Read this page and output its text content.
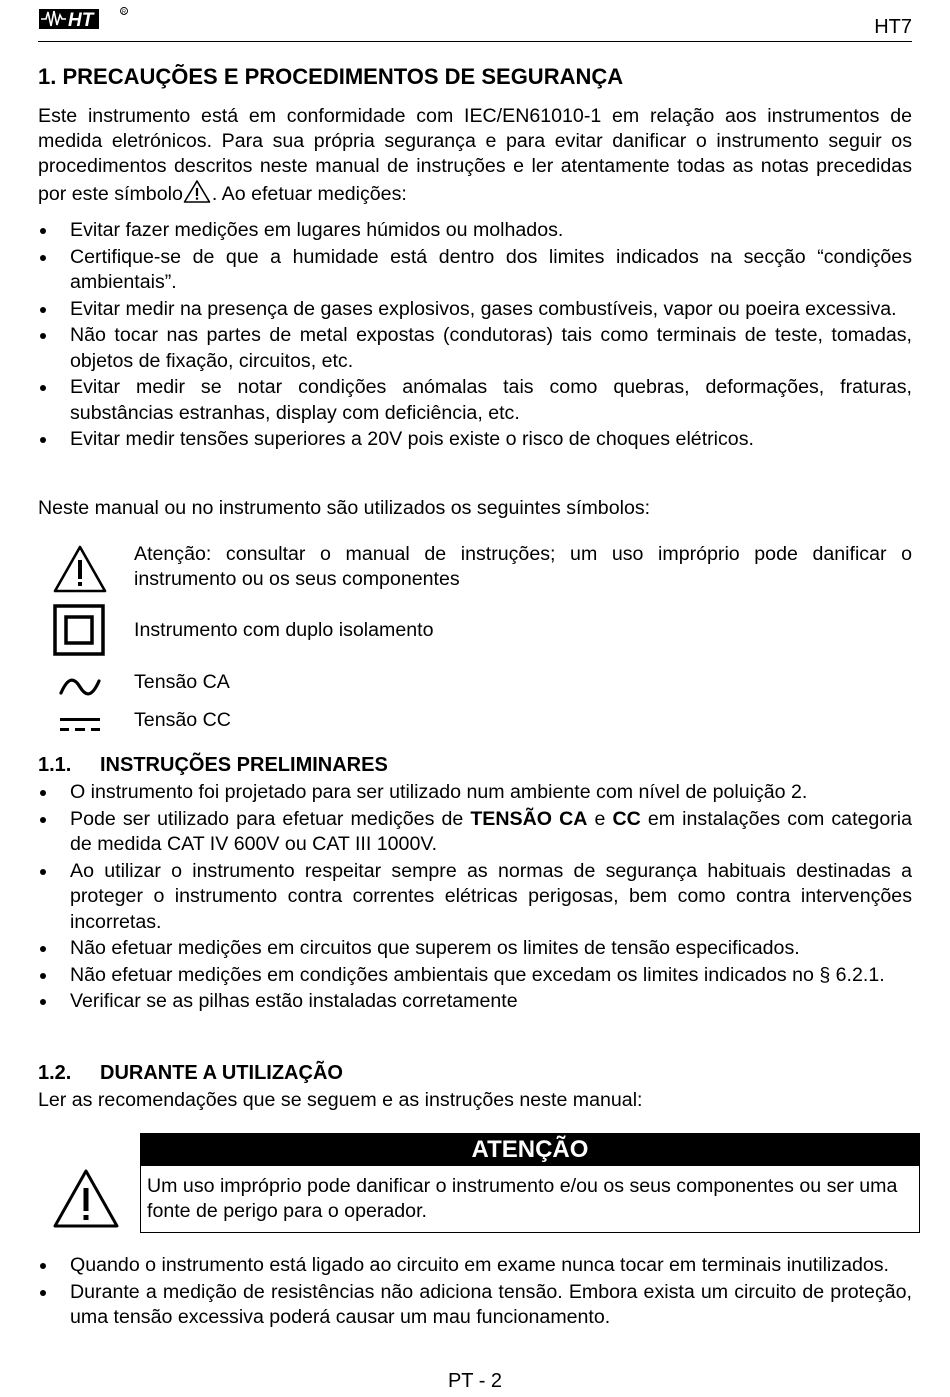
HT	R
HT7
1. PRECAUÇÕES E PROCEDIMENTOS DE SEGURANÇA
Este instrumento está em conformidade com IEC/EN61010-1 em relação aos instrumentos de medida eletrónicos. Para sua própria segurança e para evitar danificar o instrumento seguir os procedimentos descritos neste manual de instruções e ler atentamente todas as notas precedidas por este símbolo . Ao efetuar medições:
Evitar fazer medições em lugares húmidos ou molhados.
Certifique-se de que a humidade está dentro dos limites indicados na secção “condições ambientais”.
Evitar medir na presença de gases explosivos, gases combustíveis, vapor ou poeira excessiva.
Não tocar nas partes de metal expostas (condutoras) tais como terminais de teste, tomadas, objetos de fixação, circuitos, etc.
Evitar medir se notar condições anómalas tais como quebras, deformações, fraturas, substâncias estranhas, display com deficiência, etc.
Evitar medir tensões superiores a 20V pois existe o risco de choques elétricos.
Neste manual ou no instrumento são utilizados os seguintes símbolos:
Atenção: consultar o manual de instruções; um uso impróprio pode danificar o instrumento ou os seus componentes
Instrumento com duplo isolamento
Tensão CA
Tensão CC
1.1. INSTRUÇÕES PRELIMINARES
O instrumento foi projetado para ser utilizado num ambiente com nível de poluição 2.
Pode ser utilizado para efetuar medições de TENSÃO CA e CC em instalações com categoria de medida CAT IV 600V ou CAT III 1000V.
Ao utilizar o instrumento respeitar sempre as normas de segurança habituais destinadas a proteger o instrumento contra correntes elétricas perigosas, bem como contra intervenções incorretas.
Não efetuar medições em circuitos que superem os limites de tensão especificados.
Não efetuar medições em condições ambientais que excedam os limites indicados no § 6.2.1.
Verificar se as pilhas estão instaladas corretamente
1.2. DURANTE A UTILIZAÇÃO
Ler as recomendações que se seguem e as instruções neste manual:
ATENÇÃO
Um uso impróprio pode danificar o instrumento e/ou os seus componentes ou ser uma fonte de perigo para o operador.
Quando o instrumento está ligado ao circuito em exame nunca tocar em terminais inutilizados.
Durante a medição de resistências não adiciona tensão. Embora exista um circuito de proteção, uma tensão excessiva poderá causar um mau funcionamento.
PT - 2
